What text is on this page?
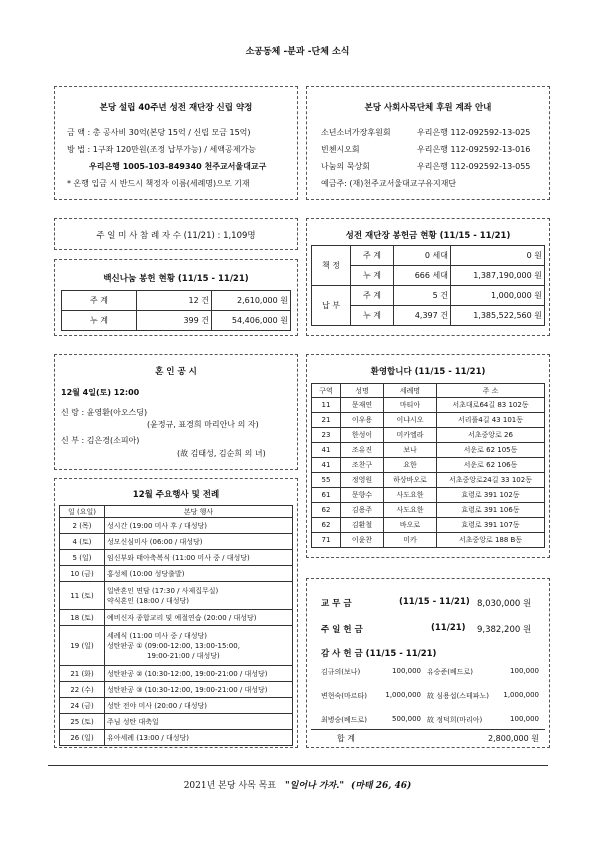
소공동체 -분과 -단체 소식
본당 설립 40주년 성전 재단장 신립 약정
금 액 : 총 공사비 30억(본당 15억 / 신립 모금 15억)
방 법 : 1구좌 120만원(조정 납부가능) / 세액공제가능
우리은행 1005-103-849340 천주교서울대교구
* 온행 입금 시 반드시 책정자 이름(세례명)으로 기재
본당 사회사목단체 후원 계좌 안내
소년소녀가장후원회	우리은행 112-092592-13-025
빈첸시오회	우리은행 112-092592-13-016
나눔의 묵상회	우리은행 112-092592-13-055
예금주: (재)천주교서울대교구유지재단
주 일 미 사 참 례 자 수 (11/21) : 1,109명
백신나눔 봉헌 현황 (11/15 - 11/21)
주 계	12 건	2,610,000 원
누 계	399 건	54,406,000 원
성전 재단장 봉헌금 현황 (11/15 - 11/21)
책 정	주 계	0 세대	0 원
	누 계	666 세대	1,387,190,000 원
납 부	주 계	5 건	1,000,000 원
	누 계	4,397 건	1,385,522,560 원
혼 인 공 시
12월 4일(토) 12:00
신 랑 : 윤영환(아오스딩)
(윤정규, 표경희 마리안나 의 자)
신 부 : 김은경(소피아)
(故 김태성, 김순희 의 녀)
환영합니다 (11/15 - 11/21)
구역	성명	세례명	주 소
11	문재연	마티아	서초대로64길 83 102동
21	이우용	이냐시오	서리풀4길 43 101동
23	한성이	미카엘라	서초중앙로 26
41	조유진	보나	서운로 62 105동
41	조찬구	요한	서운로 62 106동
55	정영원	하상바오로	서초중앙로24길 33 102동
61	문향수	사도요한	효령로 391 102동
62	김용주	사도요한	효령로 391 106동
62	김환철	바오로	효령로 391 107동
71	이윤찬	미카	서초중앙로 188 B동
12월 주요행사 및 전례
일 (요일)	본당 행사
2 (목)	성시간 (19:00 미사 후 / 대성당)

4 (토)	성모신심미사 (06:00 / 대성당)

5 (일)	임신부와 태아축복식 (11:00 미사 중 / 대성당)

10 (금)	홍성체 (10:00 성당출발)

11 (토)	일반혼인 면담 (17:30 / 사제집무실)
약식혼인 (18:00 / 대성당)

18 (토)	예비신자 종합교리 및 예절연습 (20:00 / 대성당)

19 (일)	세례식 (11:00 미사 중 / 대성당)
성탄판공 ① (09:00-12:00, 13:00-15:00,
19:00-21:00 / 대성당)

21 (화)	성탄판공 ② (10:30-12:00, 19:00-21:00 / 대성당)

22 (수)	성탄판공 ③ (10:30-12:00, 19:00-21:00 / 대성당)

24 (금)	성탄 전야 미사 (20:00 / 대성당)

25 (토)	주님 성탄 대축일

26 (일)	유아세례 (13:00 / 대성당)
교 무 금	(11/15 - 11/21) 8,030,000 원
주 일 헌 금	(11/21) 9,382,200 원
감 사 헌 금 (11/15 - 11/21)
김규의(보나)	100,000 유승준(베드로)	100,000
변현숙(마르타)	1,000,000 故 심용섭(스테파노)	1,000,000
최병승(베드로)	500,000 故 정덕희(마리아)	100,000
합 계	2,800,000 원
2021년 본당 사목 목표 "일어나 가자." (마태 26, 46)
